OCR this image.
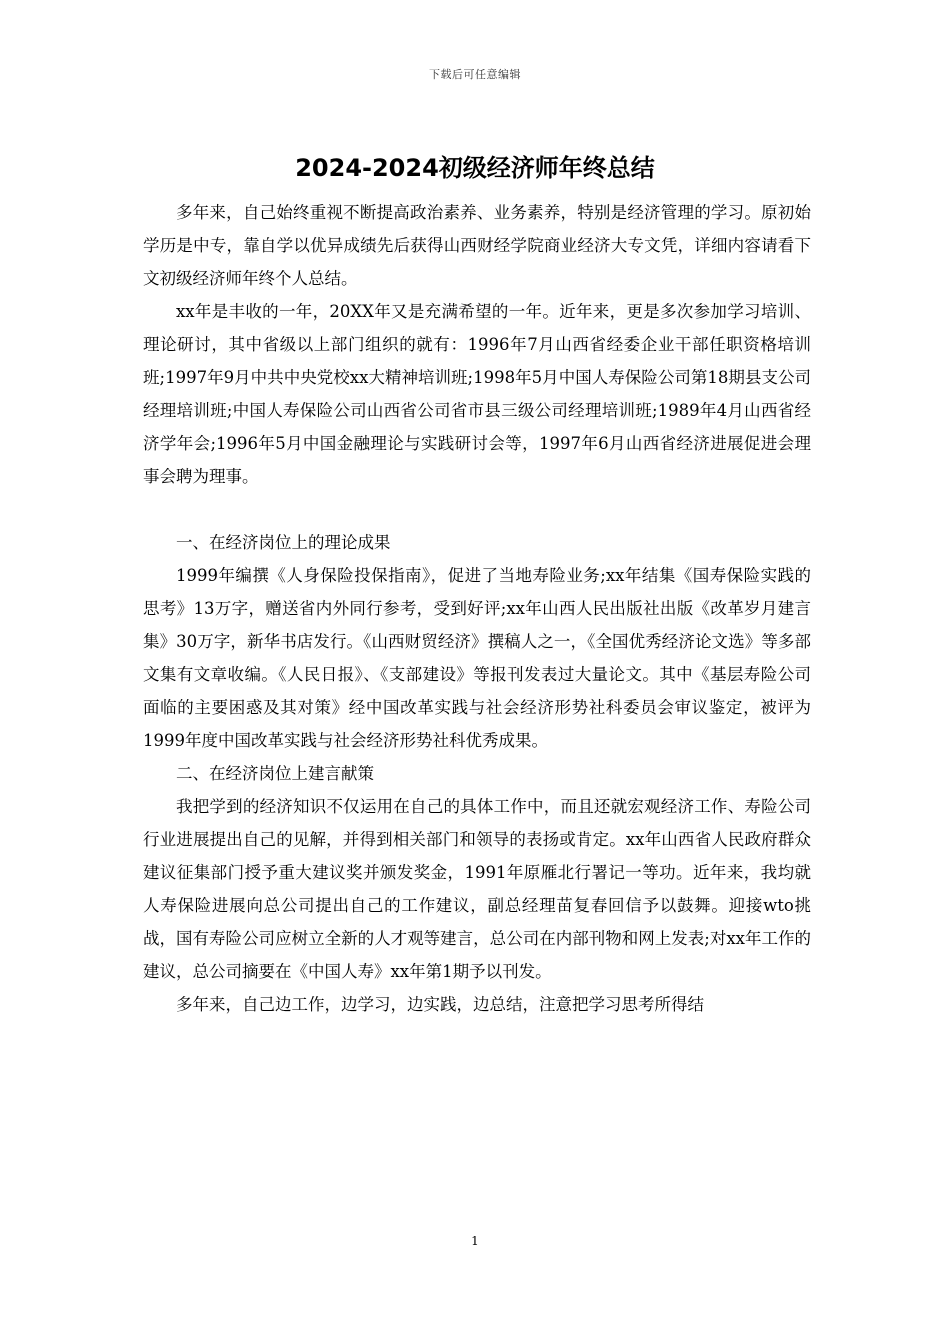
下载后可任意编辑
2024-2024初级经济师年终总结

多年来，自己始终重视不断提高政治素养、业务素养，特别是经济管理的学习。原初始学历是中专，靠自学以优异成绩先后获得山西财经学院商业经济大专文凭，详细内容请看下文初级经济师年终个人总结。

xx年是丰收的一年，20XX年又是充满希望的一年。近年来，更是多次参加学习培训、理论研讨，其中省级以上部门组织的就有：1996年7月山西省经委企业干部任职资格培训班;1997年9月中共中央党校xx大精神培训班;1998年5月中国人寿保险公司第18期县支公司经理培训班;中国人寿保险公司山西省公司省市县三级公司经理培训班;1989年4月山西省经济学年会;1996年5月中国金融理论与实践研讨会等，1997年6月山西省经济进展促进会理事会聘为理事。

一、在经济岗位上的理论成果

1999年编撰《人身保险投保指南》，促进了当地寿险业务;xx年结集《国寿保险实践的思考》13万字，赠送省内外同行参考，受到好评;xx年山西人民出版社出版《改革岁月建言集》30万字，新华书店发行。《山西财贸经济》撰稿人之一，《全国优秀经济论文选》等多部文集有文章收编。《人民日报》、《支部建设》等报刊发表过大量论文。其中《基层寿险公司面临的主要困惑及其对策》经中国改革实践与社会经济形势社科委员会审议鉴定，被评为1999年度中国改革实践与社会经济形势社科优秀成果。

二、在经济岗位上建言献策

我把学到的经济知识不仅运用在自己的具体工作中，而且还就宏观经济工作、寿险公司行业进展提出自己的见解，并得到相关部门和领导的表扬或肯定。xx年山西省人民政府群众建议征集部门授予重大建议奖并颁发奖金，1991年原雁北行署记一等功。近年来，我均就人寿保险进展向总公司提出自己的工作建议，副总经理苗复春回信予以鼓舞。迎接wto挑战，国有寿险公司应树立全新的人才观等建言，总公司在内部刊物和网上发表;对xx年工作的建议，总公司摘要在《中国人寿》xx年第1期予以刊发。

多年来，自己边工作，边学习，边实践，边总结，注意把学习思考所得结

1
